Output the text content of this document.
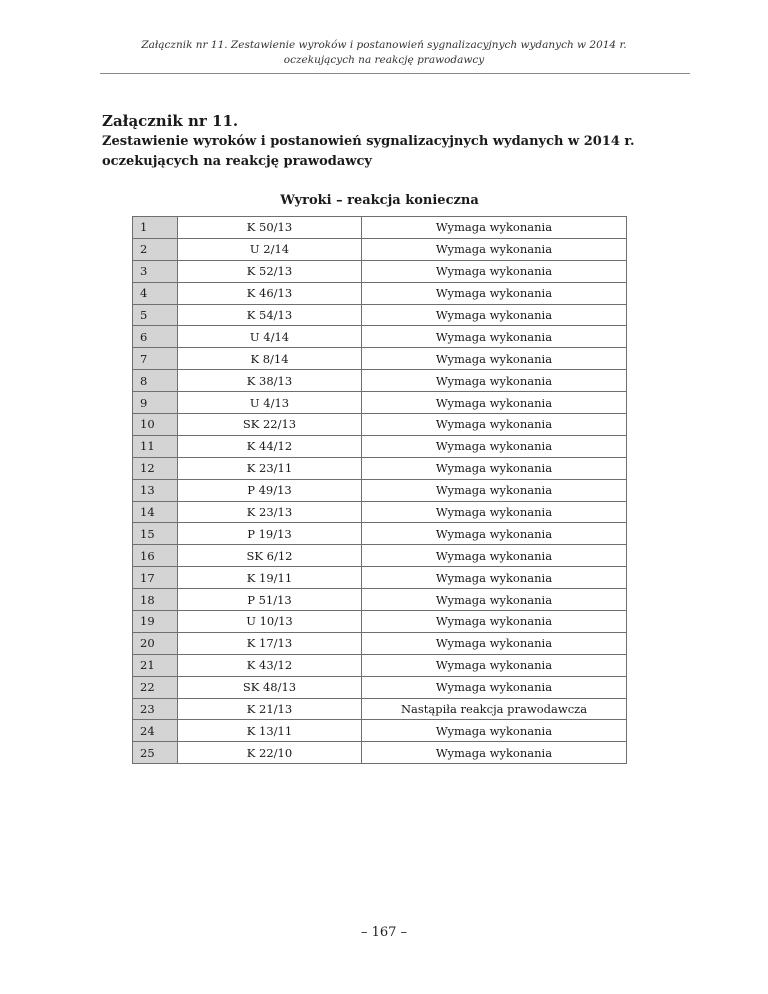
Załącznik nr 11. Zestawienie wyroków i postanowień sygnalizacyjnych wydanych w 2014 r.
oczekujących na reakcję prawodawcy
Załącznik nr 11.
Zestawienie wyroków i postanowień sygnalizacyjnych wydanych w 2014 r.
oczekujących na reakcję prawodawcy
Wyroki – reakcja konieczna
1	K 50/13	Wymaga wykonania
2	U 2/14	Wymaga wykonania
3	K 52/13	Wymaga wykonania
4	K 46/13	Wymaga wykonania
5	K 54/13	Wymaga wykonania
6	U 4/14	Wymaga wykonania
7	K 8/14	Wymaga wykonania
8	K 38/13	Wymaga wykonania
9	U 4/13	Wymaga wykonania
10	SK 22/13	Wymaga wykonania
11	K 44/12	Wymaga wykonania
12	K 23/11	Wymaga wykonania
13	P 49/13	Wymaga wykonania
14	K 23/13	Wymaga wykonania
15	P 19/13	Wymaga wykonania
16	SK 6/12	Wymaga wykonania
17	K 19/11	Wymaga wykonania
18	P 51/13	Wymaga wykonania
19	U 10/13	Wymaga wykonania
20	K 17/13	Wymaga wykonania
21	K 43/12	Wymaga wykonania
22	SK 48/13	Wymaga wykonania
23	K 21/13	Nastąpiła reakcja prawodawcza
24	K 13/11	Wymaga wykonania
25	K 22/10	Wymaga wykonania
– 167 –
